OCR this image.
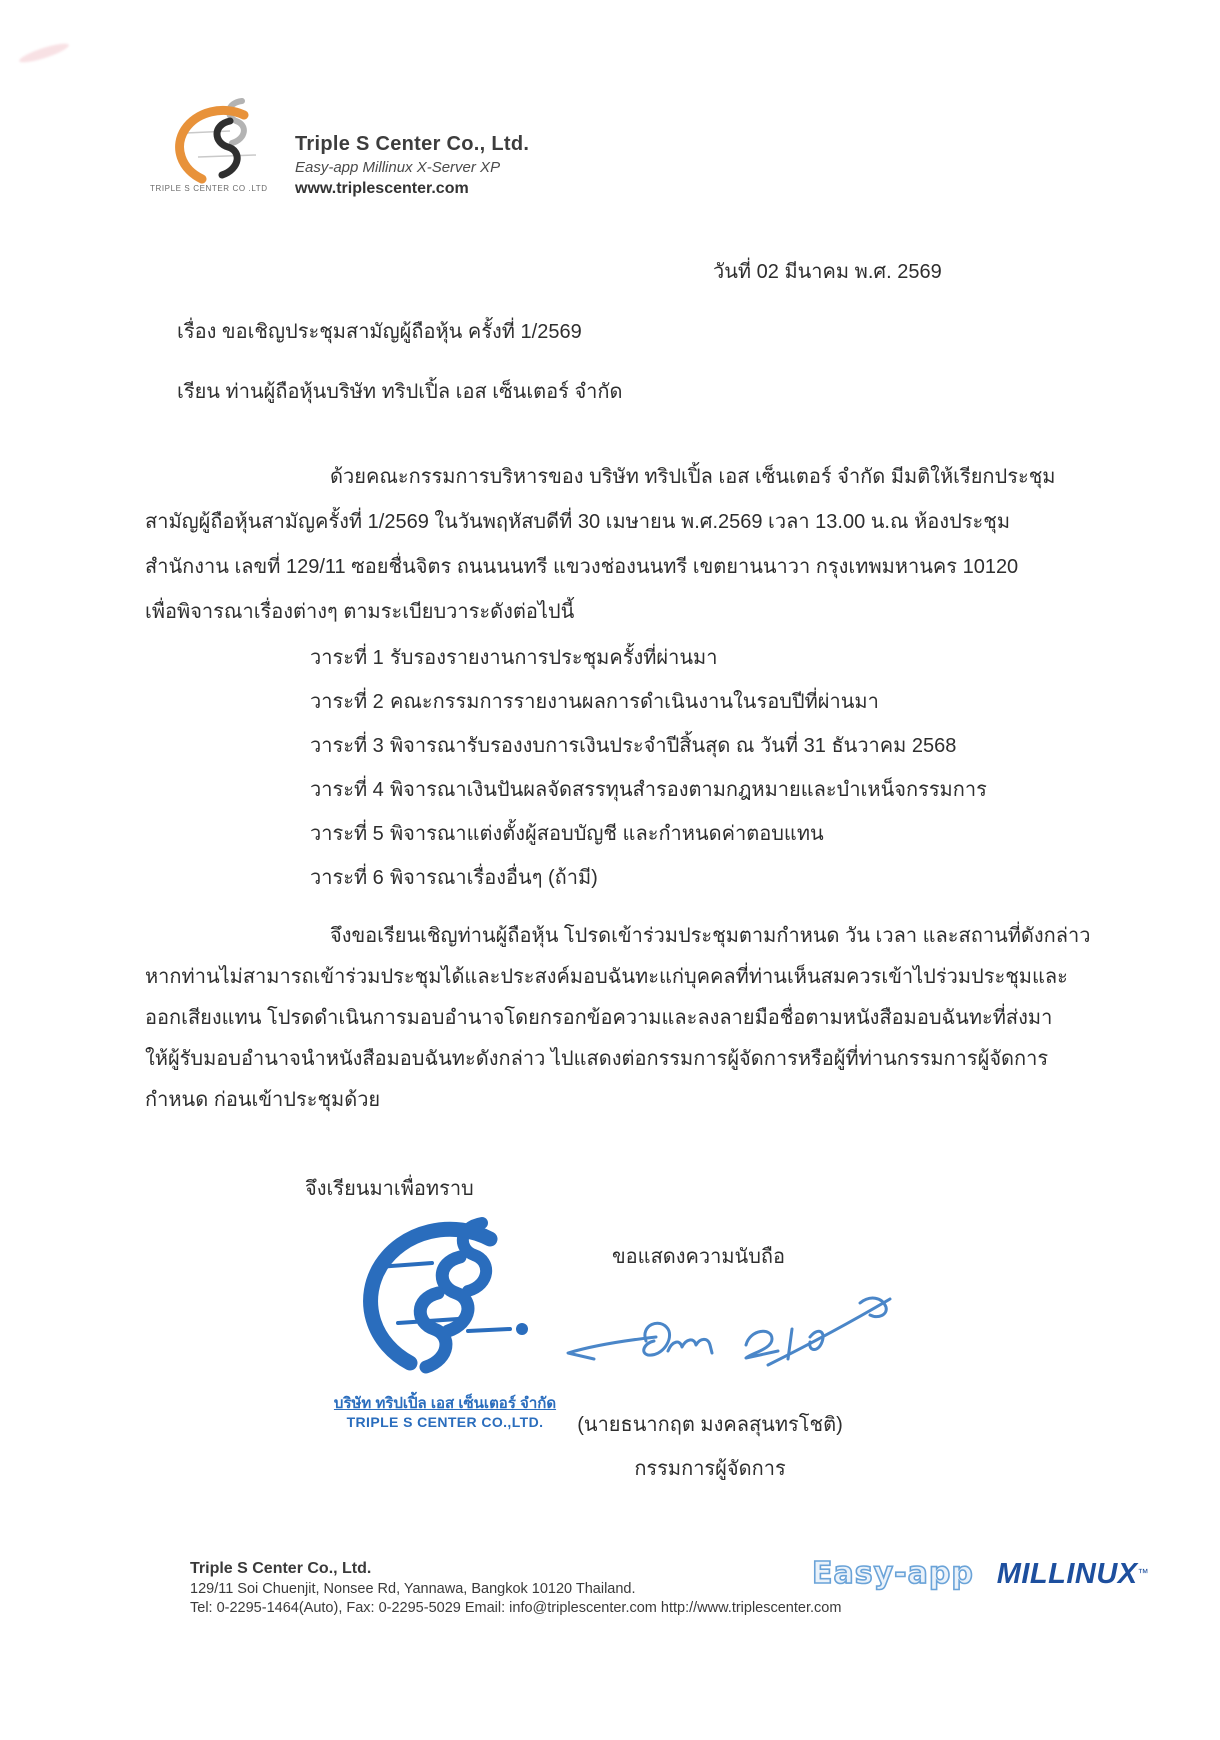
TRIPLE S CENTER CO .LTD
Triple S Center Co., Ltd.
Easy-app Millinux X-Server XP
www.triplescenter.com
วันที่ 02 มีนาคม พ.ศ. 2569
เรื่อง ขอเชิญประชุมสามัญผู้ถือหุ้น ครั้งที่ 1/2569
เรียน ท่านผู้ถือหุ้นบริษัท ทริปเปิ้ล เอส เซ็นเตอร์ จำกัด
ด้วยคณะกรรมการบริหารของ บริษัท ทริปเปิ้ล เอส เซ็นเตอร์ จำกัด มีมติให้เรียกประชุม
สามัญผู้ถือหุ้นสามัญครั้งที่ 1/2569 ในวันพฤหัสบดีที่ 30 เมษายน พ.ศ.2569 เวลา 13.00 น.ณ ห้องประชุม
สำนักงาน เลขที่ 129/11 ซอยชื่นจิตร ถนนนนทรี แขวงช่องนนทรี เขตยานนาวา กรุงเทพมหานคร 10120
เพื่อพิจารณาเรื่องต่างๆ ตามระเบียบวาระดังต่อไปนี้
วาระที่ 1 รับรองรายงานการประชุมครั้งที่ผ่านมา
วาระที่ 2 คณะกรรมการรายงานผลการดำเนินงานในรอบปีที่ผ่านมา
วาระที่ 3 พิจารณารับรองงบการเงินประจำปีสิ้นสุด ณ วันที่ 31 ธันวาคม 2568
วาระที่ 4 พิจารณาเงินปันผลจัดสรรทุนสำรองตามกฎหมายและบำเหน็จกรรมการ
วาระที่ 5 พิจารณาแต่งตั้งผู้สอบบัญชี และกำหนดค่าตอบแทน
วาระที่ 6 พิจารณาเรื่องอื่นๆ (ถ้ามี)
จึงขอเรียนเชิญท่านผู้ถือหุ้น โปรดเข้าร่วมประชุมตามกำหนด วัน เวลา และสถานที่ดังกล่าว
หากท่านไม่สามารถเข้าร่วมประชุมได้และประสงค์มอบฉันทะแก่บุคคลที่ท่านเห็นสมควรเข้าไปร่วมประชุมและ
ออกเสียงแทน โปรดดำเนินการมอบอำนาจโดยกรอกข้อความและลงลายมือชื่อตามหนังสือมอบฉันทะที่ส่งมา
ให้ผู้รับมอบอำนาจนำหนังสือมอบฉันทะดังกล่าว ไปแสดงต่อกรรมการผู้จัดการหรือผู้ที่ท่านกรรมการผู้จัดการ
กำหนด ก่อนเข้าประชุมด้วย
จึงเรียนมาเพื่อทราบ
บริษัท ทริปเปิ้ล เอส เซ็นเตอร์ จำกัด
TRIPLE S CENTER CO.,LTD.
ขอแสดงความนับถือ
(นายธนากฤต มงคลสุนทรโชติ)
กรรมการผู้จัดการ
Triple S Center Co., Ltd.
129/11 Soi Chuenjit, Nonsee Rd, Yannawa, Bangkok 10120 Thailand.
Tel: 0-2295-1464(Auto), Fax: 0-2295-5029 Email: info@triplescenter.com http://www.triplescenter.com
Easy-app MILLINUX™
